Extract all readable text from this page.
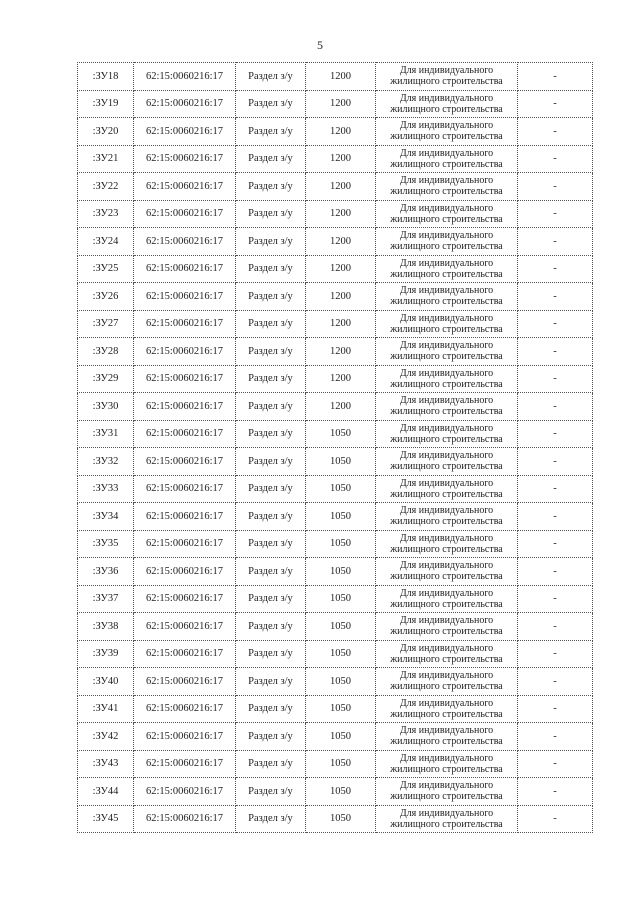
5
:ЗУ18	62:15:0060216:17	Раздел з/у	1200	Для индивидуального жилищного строительства	-
:ЗУ19	62:15:0060216:17	Раздел з/у	1200	Для индивидуального жилищного строительства	-
:ЗУ20	62:15:0060216:17	Раздел з/у	1200	Для индивидуального жилищного строительства	-
:ЗУ21	62:15:0060216:17	Раздел з/у	1200	Для индивидуального жилищного строительства	-
:ЗУ22	62:15:0060216:17	Раздел з/у	1200	Для индивидуального жилищного строительства	-
:ЗУ23	62:15:0060216:17	Раздел з/у	1200	Для индивидуального жилищного строительства	-
:ЗУ24	62:15:0060216:17	Раздел з/у	1200	Для индивидуального жилищного строительства	-
:ЗУ25	62:15:0060216:17	Раздел з/у	1200	Для индивидуального жилищного строительства	-
:ЗУ26	62:15:0060216:17	Раздел з/у	1200	Для индивидуального жилищного строительства	-
:ЗУ27	62:15:0060216:17	Раздел з/у	1200	Для индивидуального жилищного строительства	-
:ЗУ28	62:15:0060216:17	Раздел з/у	1200	Для индивидуального жилищного строительства	-
:ЗУ29	62:15:0060216:17	Раздел з/у	1200	Для индивидуального жилищного строительства	-
:ЗУ30	62:15:0060216:17	Раздел з/у	1200	Для индивидуального жилищного строительства	-
:ЗУ31	62:15:0060216:17	Раздел з/у	1050	Для индивидуального жилищного строительства	-
:ЗУ32	62:15:0060216:17	Раздел з/у	1050	Для индивидуального жилищного строительства	-
:ЗУ33	62:15:0060216:17	Раздел з/у	1050	Для индивидуального жилищного строительства	-
:ЗУ34	62:15:0060216:17	Раздел з/у	1050	Для индивидуального жилищного строительства	-
:ЗУ35	62:15:0060216:17	Раздел з/у	1050	Для индивидуального жилищного строительства	-
:ЗУ36	62:15:0060216:17	Раздел з/у	1050	Для индивидуального жилищного строительства	-
:ЗУ37	62:15:0060216:17	Раздел з/у	1050	Для индивидуального жилищного строительства	-
:ЗУ38	62:15:0060216:17	Раздел з/у	1050	Для индивидуального жилищного строительства	-
:ЗУ39	62:15:0060216:17	Раздел з/у	1050	Для индивидуального жилищного строительства	-
:ЗУ40	62:15:0060216:17	Раздел з/у	1050	Для индивидуального жилищного строительства	-
:ЗУ41	62:15:0060216:17	Раздел з/у	1050	Для индивидуального жилищного строительства	-
:ЗУ42	62:15:0060216:17	Раздел з/у	1050	Для индивидуального жилищного строительства	-
:ЗУ43	62:15:0060216:17	Раздел з/у	1050	Для индивидуального жилищного строительства	-
:ЗУ44	62:15:0060216:17	Раздел з/у	1050	Для индивидуального жилищного строительства	-
:ЗУ45	62:15:0060216:17	Раздел з/у	1050	Для индивидуального жилищного строительства	-
